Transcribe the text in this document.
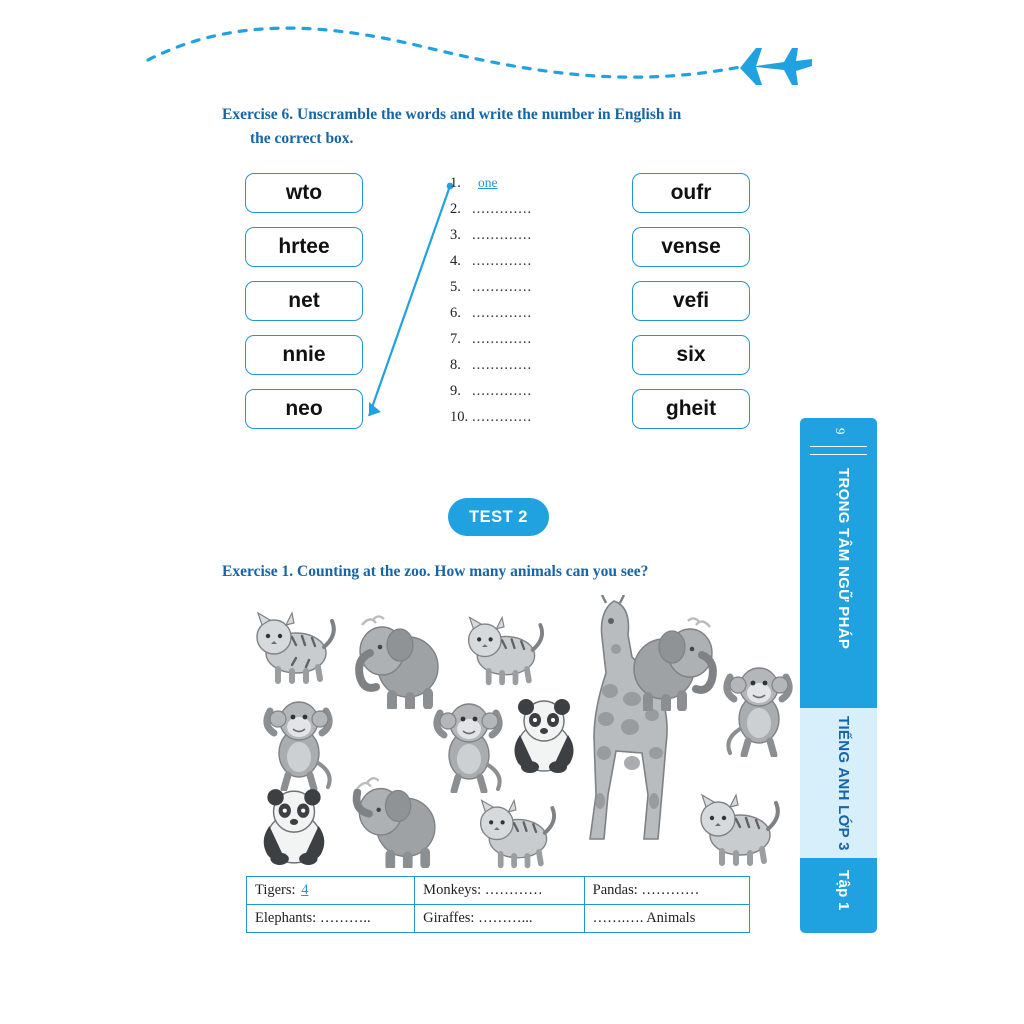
Exercise 6. Unscramble the words and write the number in English in
the correct box.
wto
hrtee
net
nnie
neo
oufr
vense
vefi
six
gheit
1.	one
2. .............
3. .............
4. .............
5. .............
6. .............
7. .............
8. .............
9. .............
10. .............
TEST 2
Exercise 1. Counting at the zoo. How many animals can you see?
Tigers: 4	Monkeys: …………	Pandas: …………
Elephants: ………..	Giraffes: ………...	…….…. Animals
9
TRỌNG TÂM NGỮ PHÁP
TIẾNG ANH LỚP 3
Tập 1
